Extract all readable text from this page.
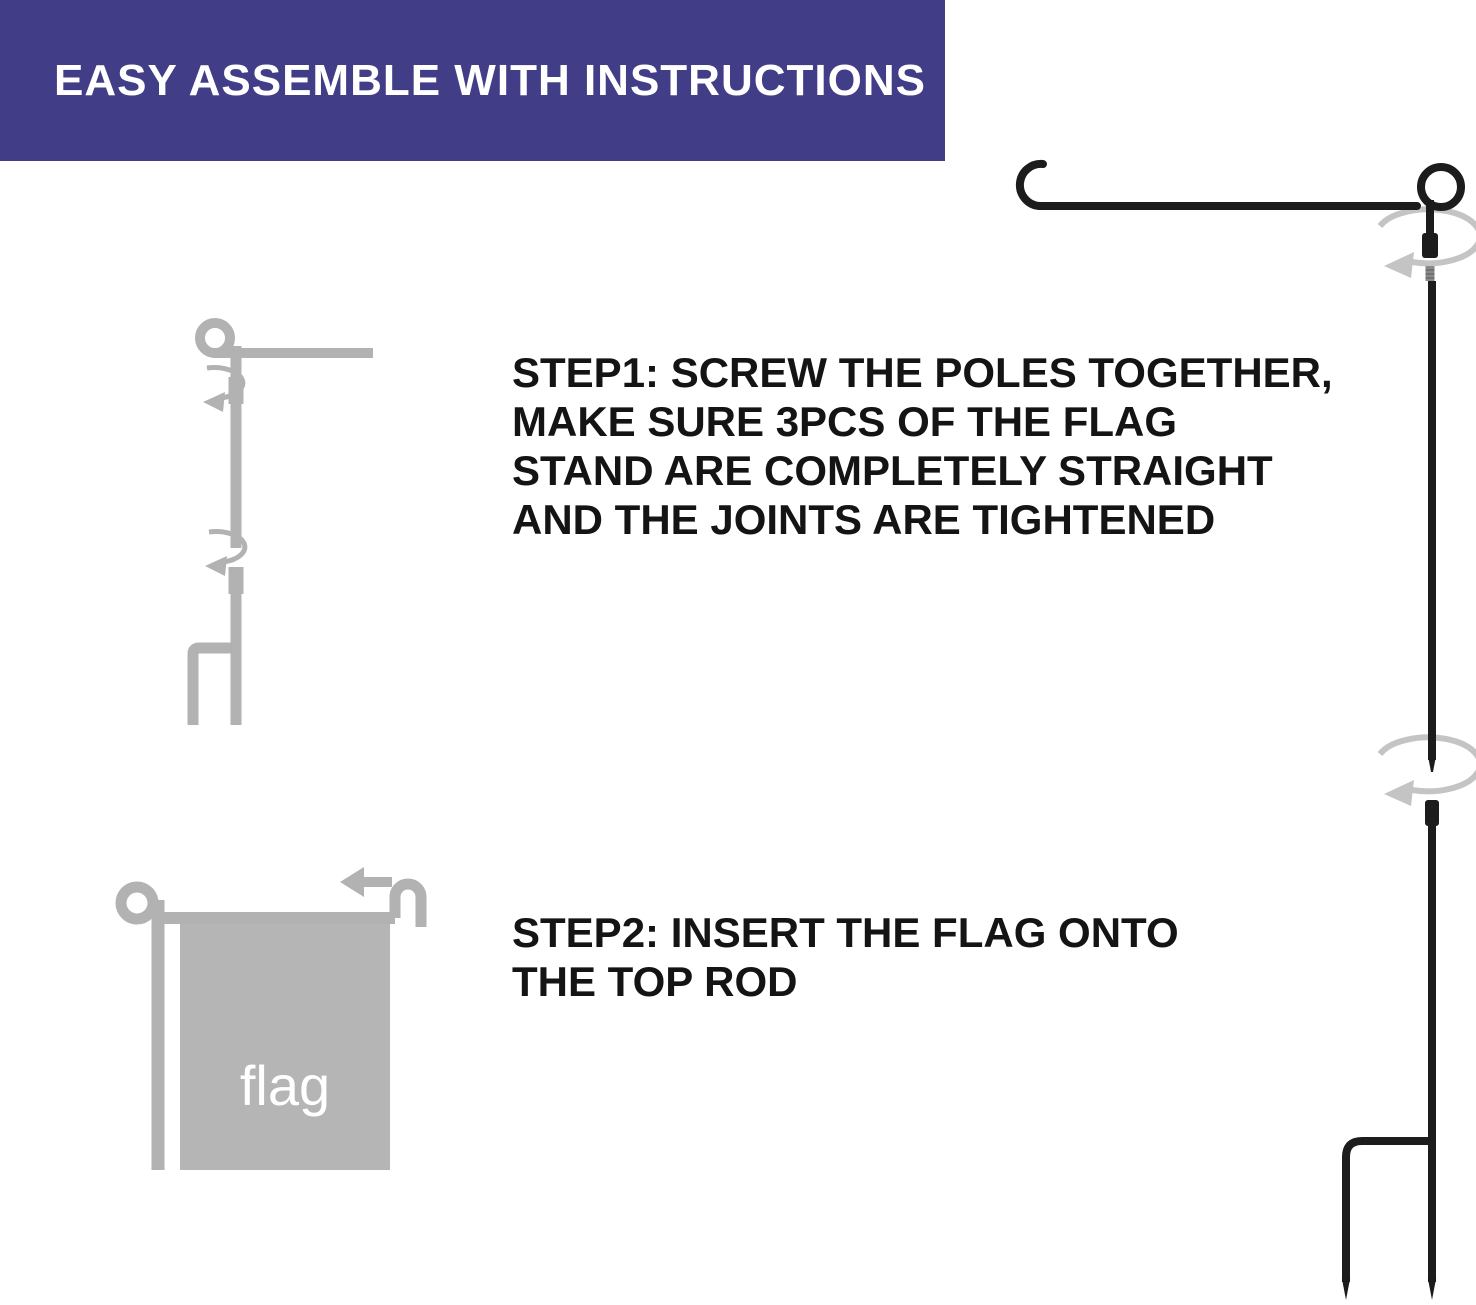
EASY ASSEMBLE WITH INSTRUCTIONS
STEP1: SCREW THE POLES TOGETHER,
MAKE SURE 3PCS OF THE FLAG
STAND ARE COMPLETELY STRAIGHT
AND THE JOINTS ARE TIGHTENED
flag
STEP2: INSERT THE FLAG ONTO
THE TOP ROD
